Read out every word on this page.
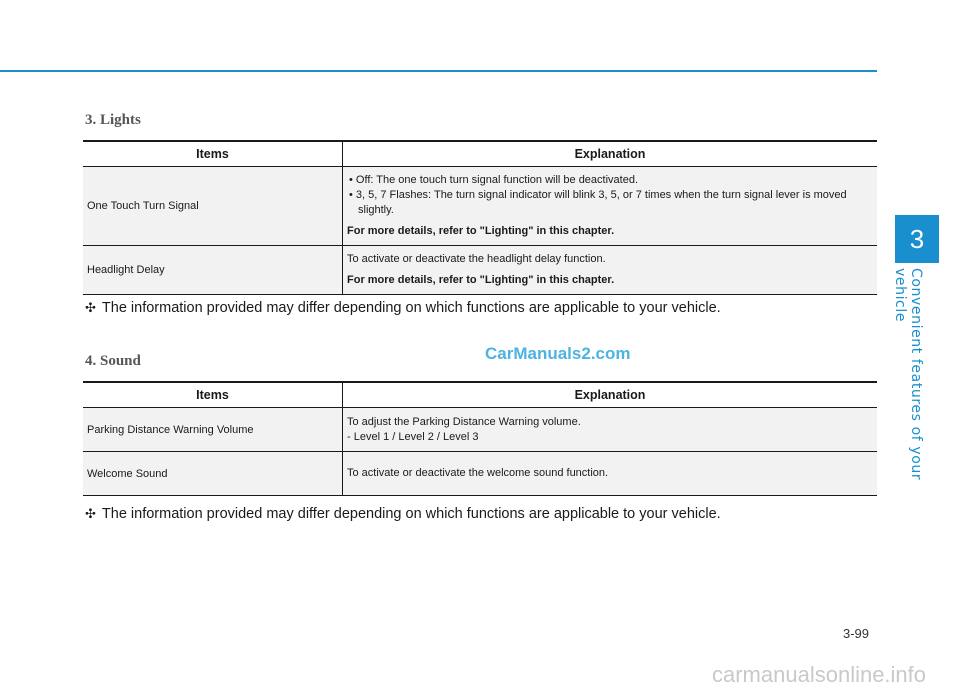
3
Convenient features of your vehicle
3. Lights
Items	Explanation
One Touch Turn Signal	• Off: The one touch turn signal function will be deactivated.
• 3, 5, 7 Flashes: The turn signal indicator will blink 3, 5, or 7 times when the turn signal lever is moved slightly.
For more details, refer to "Lighting" in this chapter.

Headlight Delay	To activate or deactivate the headlight delay function.
For more details, refer to "Lighting" in this chapter.
✣ The information provided may differ depending on which functions are applicable to your vehicle.
CarManuals2.com
4. Sound
Items	Explanation
Parking Distance Warning Volume	To adjust the Parking Distance Warning volume.
- Level 1 / Level 2 / Level 3

Welcome Sound	To activate or deactivate the welcome sound function.
✣ The information provided may differ depending on which functions are applicable to your vehicle.
3-99
carmanualsonline.info
